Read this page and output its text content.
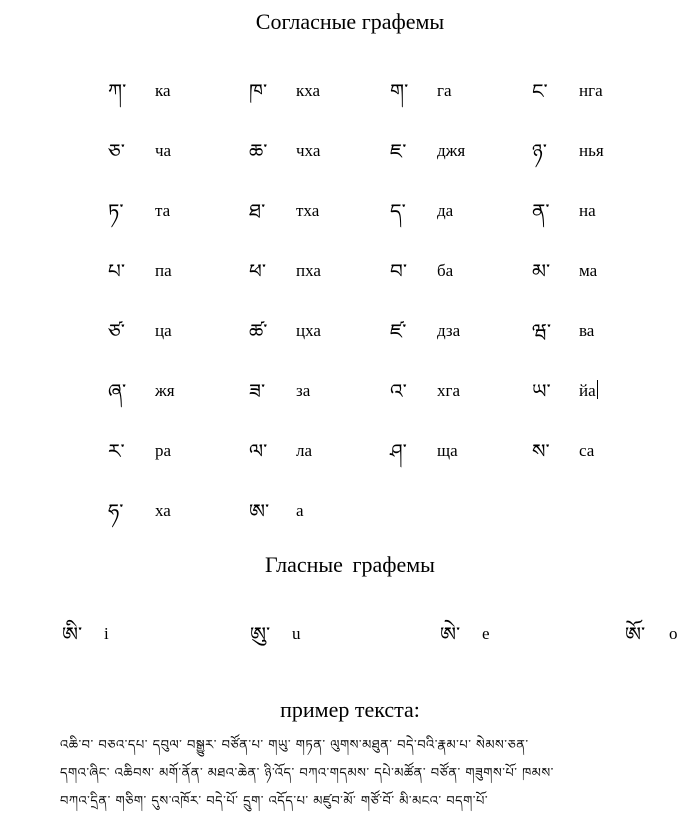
Согласные графемы
ཀ་	ка	ཁ་	кха	ག་	га	ང་	нга
ཅ་	ча	ཆ་	чха	ཇ་	джя	ཉ་	нья
ཏ་	та	ཐ་	тха	ད་	да	ན་	на
པ་	па	ཕ་	пха	བ་	ба	མ་	ма
ཙ་	ца	ཚ་	цха	ཛ་	дза	ཝ་	ва
ཞ་	жя	ཟ་	за	འ་	хга	ཡ་	йа
ར་	ра	ལ་	ла	ཤ་	ща	ས་	са
ཧ་	ха	ཨ་	а
Гласные графемы
ཨི་	i	ཨུ་	u	ཨེ་	e	ཨོ་	o
пример текста:
འཆི་བ་ བཅའ་དཔ་ དབུལ་ བསྒྱུར་ བཙོན་པ་ གཡུ་ གཏན་ ལུགས་མཐུན་ བདེ་བའི་རྣམ་པ་ སེམས་ཅན་
དགའ་ཞིང་ འཆིབས་ མགོ་ནོན་ མཐའ་ཆེན་ ཉི་འོད་ བཀའ་གདམས་ དཔེ་མཚོན་ བཙོན་ གཟུགས་པོ་ ཁམས་
བཀའ་དྲིན་ གཅིག་ དུས་འཁོར་ བདེ་པོ་ དྲུག་ འདོད་པ་ མཛུབ་མོ་ གཙོ་བོ་ མི་མངའ་ བདག་པོ་
